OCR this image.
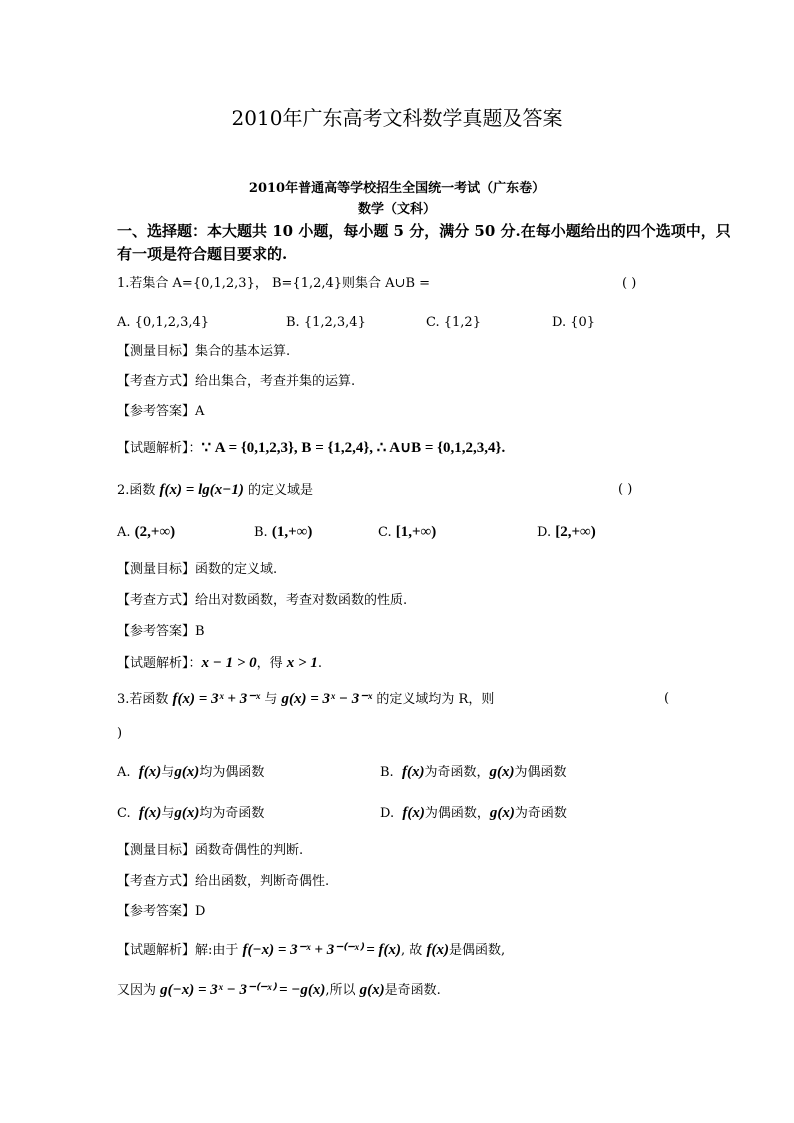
2010年广东高考文科数学真题及答案
2010年普通高等学校招生全国统一考试（广东卷）
数学（文科）
一、选择题：本大题共 10 小题，每小题 5 分，满分 50 分.在每小题给出的四个选项中，只
有一项是符合题目要求的.
1.若集合 A={0,1,2,3}， B={1,2,4}则集合 A∪B =	( )
A. {0,1,2,3,4}	B. {1,2,3,4}	C. {1,2}	D. {0}
【测量目标】集合的基本运算.
【考查方式】给出集合，考查并集的运算.
【参考答案】A
【试题解析】：∵ A = {0,1,2,3}, B = {1,2,4}, ∴ A∪B = {0,1,2,3,4}.
2.函数 f(x) = lg(x−1) 的定义域是	( )
A. (2,+∞)	B. (1,+∞)	C. [1,+∞)	D. [2,+∞)
【测量目标】函数的定义域.
【考查方式】给出对数函数，考查对数函数的性质.
【参考答案】B
【试题解析】：x − 1 > 0，得 x > 1.
3.若函数 f(x) = 3ˣ + 3⁻ˣ 与 g(x) = 3ˣ − 3⁻ˣ 的定义域均为 R，则	(
)
A. f(x)与g(x)均为偶函数	B. f(x)为奇函数，g(x)为偶函数
C. f(x)与g(x)均为奇函数	D. f(x)为偶函数，g(x)为奇函数
【测量目标】函数奇偶性的判断.
【考查方式】给出函数，判断奇偶性.
【参考答案】D
【试题解析】解:由于 f(−x) = 3⁻ˣ + 3⁻⁽⁻ˣ⁾ = f(x), 故 f(x)是偶函数,
又因为 g(−x) = 3ˣ − 3⁻⁽⁻ˣ⁾ = −g(x),所以 g(x)是奇函数.
